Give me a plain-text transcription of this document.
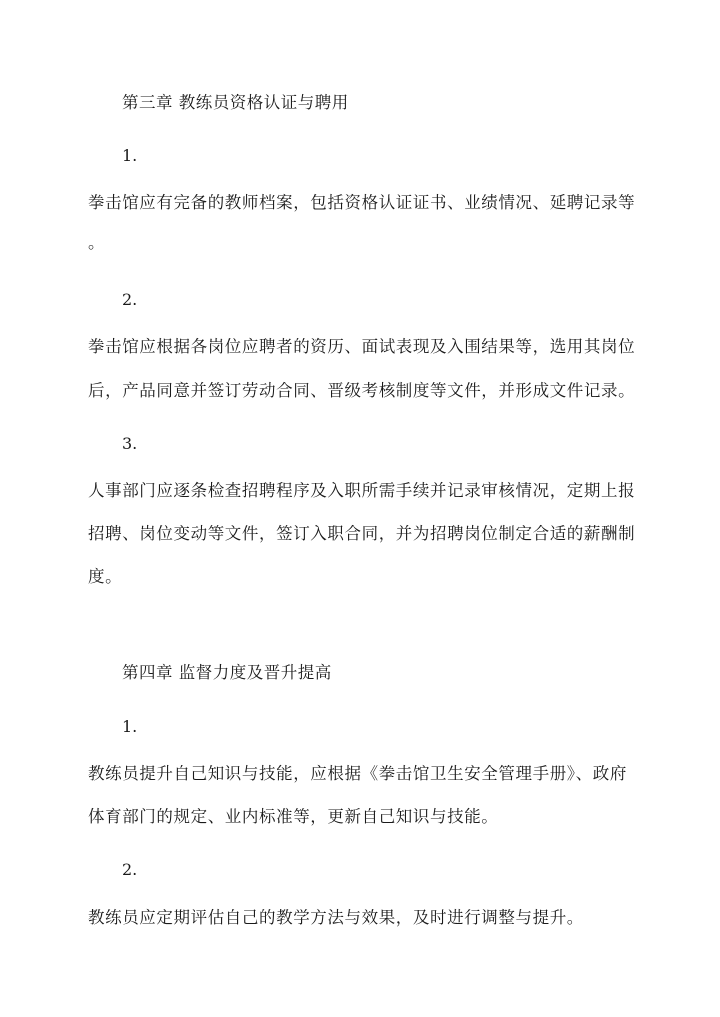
第三章 教练员资格认证与聘用
1.
拳击馆应有完备的教师档案，包括资格认证证书、业绩情况、延聘记录等
。
2.
拳击馆应根据各岗位应聘者的资历、面试表现及入围结果等，选用其岗位
后，产品同意并签订劳动合同、晋级考核制度等文件，并形成文件记录。
3.
人事部门应逐条检查招聘程序及入职所需手续并记录审核情况，定期上报
招聘、岗位变动等文件，签订入职合同，并为招聘岗位制定合适的薪酬制
度。
第四章 监督力度及晋升提高
1.
教练员提升自己知识与技能，应根据《拳击馆卫生安全管理手册》、政府
体育部门的规定、业内标准等，更新自己知识与技能。
2.
教练员应定期评估自己的教学方法与效果，及时进行调整与提升。
